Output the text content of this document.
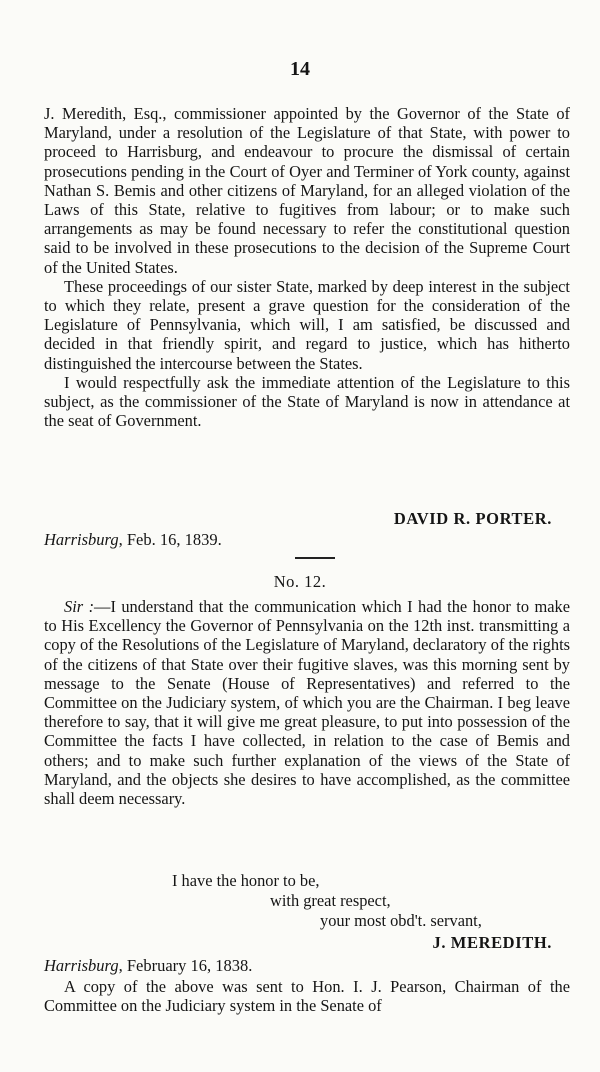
14

J. Meredith, Esq., commissioner appointed by the Governor of the State of Maryland, under a resolution of the Legislature of that State, with power to proceed to Harrisburg, and endeavour to procure the dismissal of certain prosecutions pending in the Court of Oyer and Terminer of York county, against Nathan S. Bemis and other citizens of Maryland, for an alleged violation of the Laws of this State, relative to fugitives from labour; or to make such arrangements as may be found necessary to refer the constitutional question said to be involved in these prosecutions to the decision of the Supreme Court of the United States.

These proceedings of our sister State, marked by deep interest in the subject to which they relate, present a grave question for the consideration of the Legislature of Pennsylvania, which will, I am satisfied, be discussed and decided in that friendly spirit, and regard to justice, which has hitherto distinguished the intercourse between the States.

I would respectfully ask the immediate attention of the Legislature to this subject, as the commissioner of the State of Maryland is now in attendance at the seat of Government.

DAVID R. PORTER.
Harrisburg, Feb. 16, 1839.
No. 12.

Sir :—I understand that the communication which I had the honor to make to His Excellency the Governor of Pennsylvania on the 12th inst. transmitting a copy of the Resolutions of the Legislature of Maryland, declaratory of the rights of the citizens of that State over their fugitive slaves, was this morning sent by message to the Senate (House of Representatives) and referred to the Committee on the Judiciary system, of which you are the Chairman. I beg leave therefore to say, that it will give me great pleasure, to put into possession of the Committee the facts I have collected, in relation to the case of Bemis and others; and to make such further explanation of the views of the State of Maryland, and the objects she desires to have accomplished, as the committee shall deem necessary.

I have the honor to be,
with great respect,
your most obd't. servant,
J. MEREDITH.
Harrisburg, February 16, 1838.

A copy of the above was sent to Hon. I. J. Pearson, Chairman of the Committee on the Judiciary system in the Senate of
